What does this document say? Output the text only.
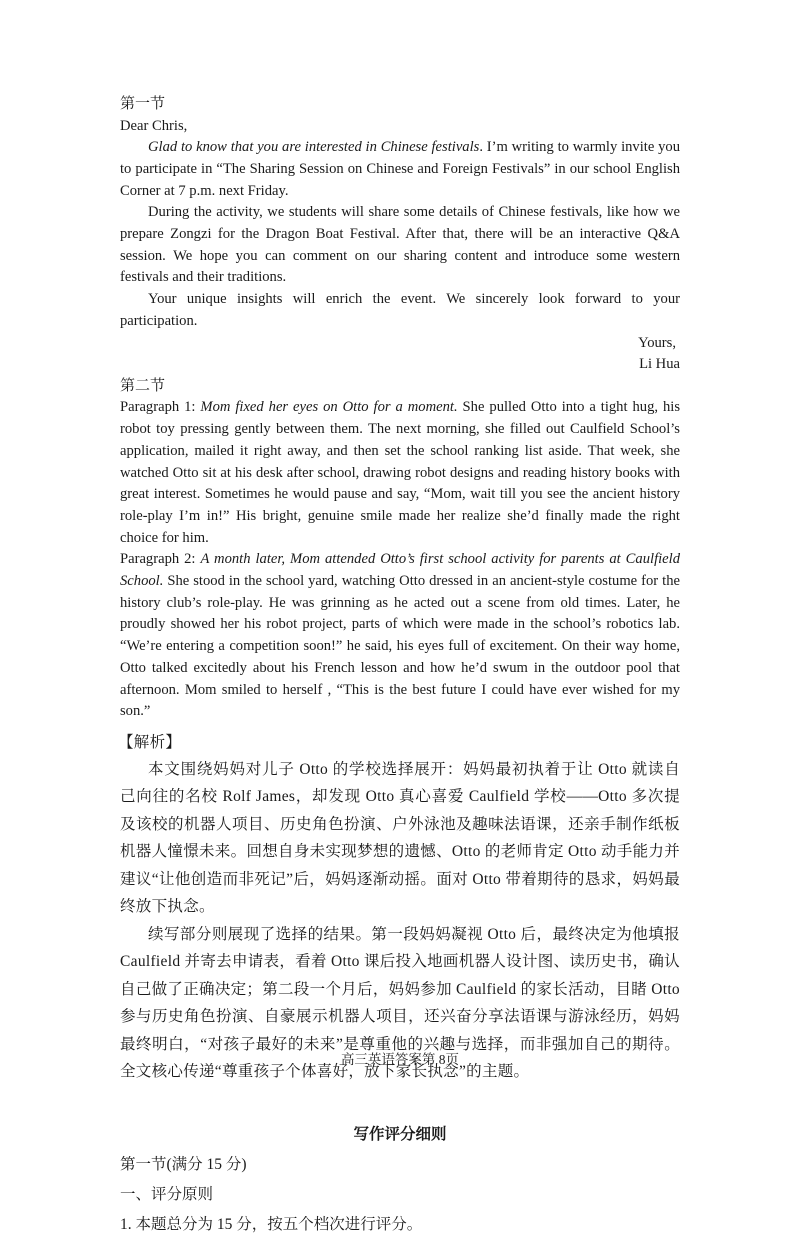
第一节

Dear Chris,

Glad to know that you are interested in Chinese festivals. I’m writing to warmly invite you to participate in “The Sharing Session on Chinese and Foreign Festivals” in our school English Corner at 7 p.m. next Friday.

During the activity, we students will share some details of Chinese festivals, like how we prepare Zongzi for the Dragon Boat Festival. After that, there will be an interactive Q&A session. We hope you can comment on our sharing content and introduce some western festivals and their traditions.

Your unique insights will enrich the event. We sincerely look forward to your participation.

Yours,

Li Hua

第二节

Paragraph 1: Mom fixed her eyes on Otto for a moment. She pulled Otto into a tight hug, his robot toy pressing gently between them. The next morning, she filled out Caulfield School’s application, mailed it right away, and then set the school ranking list aside. That week, she watched Otto sit at his desk after school, drawing robot designs and reading history books with great interest. Sometimes he would pause and say, “Mom, wait till you see the ancient history role-play I’m in!” His bright, genuine smile made her realize she’d finally made the right choice for him.

Paragraph 2: A month later, Mom attended Otto’s first school activity for parents at Caulfield School. She stood in the school yard, watching Otto dressed in an ancient-style costume for the history club’s role-play. He was grinning as he acted out a scene from old times. Later, he proudly showed her his robot project, parts of which were made in the school’s robotics lab. “We’re entering a competition soon!” he said, his eyes full of excitement. On their way home, Otto talked excitedly about his French lesson and how he’d swum in the outdoor pool that afternoon. Mom smiled to herself , “This is the best future I could have ever wished for my son.”

【解析】

本文围绕妈妈对儿子 Otto 的学校选择展开：妈妈最初执着于让 Otto 就读自己向往的名校 Rolf James，却发现 Otto 真心喜爱 Caulfield 学校——Otto 多次提及该校的机器人项目、历史角色扮演、户外泳池及趣味法语课，还亲手制作纸板机器人憧憬未来。回想自身未实现梦想的遗憾、Otto 的老师肯定 Otto 动手能力并建议“让他创造而非死记”后，妈妈逐渐动摇。面对 Otto 带着期待的恳求，妈妈最终放下执念。

续写部分则展现了选择的结果。第一段妈妈凝视 Otto 后，最终决定为他填报 Caulfield 并寄去申请表，看着 Otto 课后投入地画机器人设计图、读历史书，确认自己做了正确决定；第二段一个月后，妈妈参加 Caulfield 的家长活动，目睹 Otto 参与历史角色扮演、自豪展示机器人项目，还兴奋分享法语课与游泳经历，妈妈最终明白，“对孩子最好的未来”是尊重他的兴趣与选择，而非强加自己的期待。全文核心传递“尊重孩子个体喜好，放下家长执念”的主题。

写作评分细则

第一节(满分 15 分)

一、评分原则

1. 本题总分为 15 分，按五个档次进行评分。

高三英语答案第 8页
